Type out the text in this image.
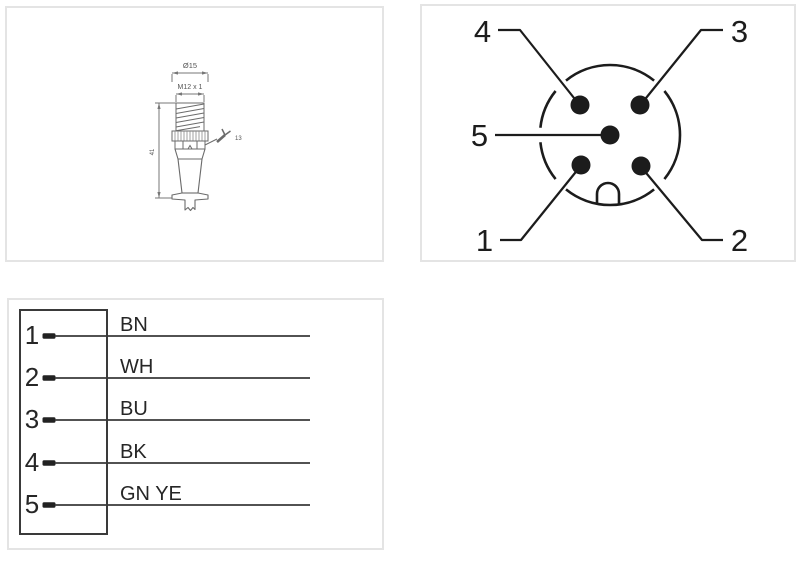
Ø15
M12 x 1
13
41
4	3
5
1	2
1	BN
2	WH
3	BU
4	BK
5	GN YE
